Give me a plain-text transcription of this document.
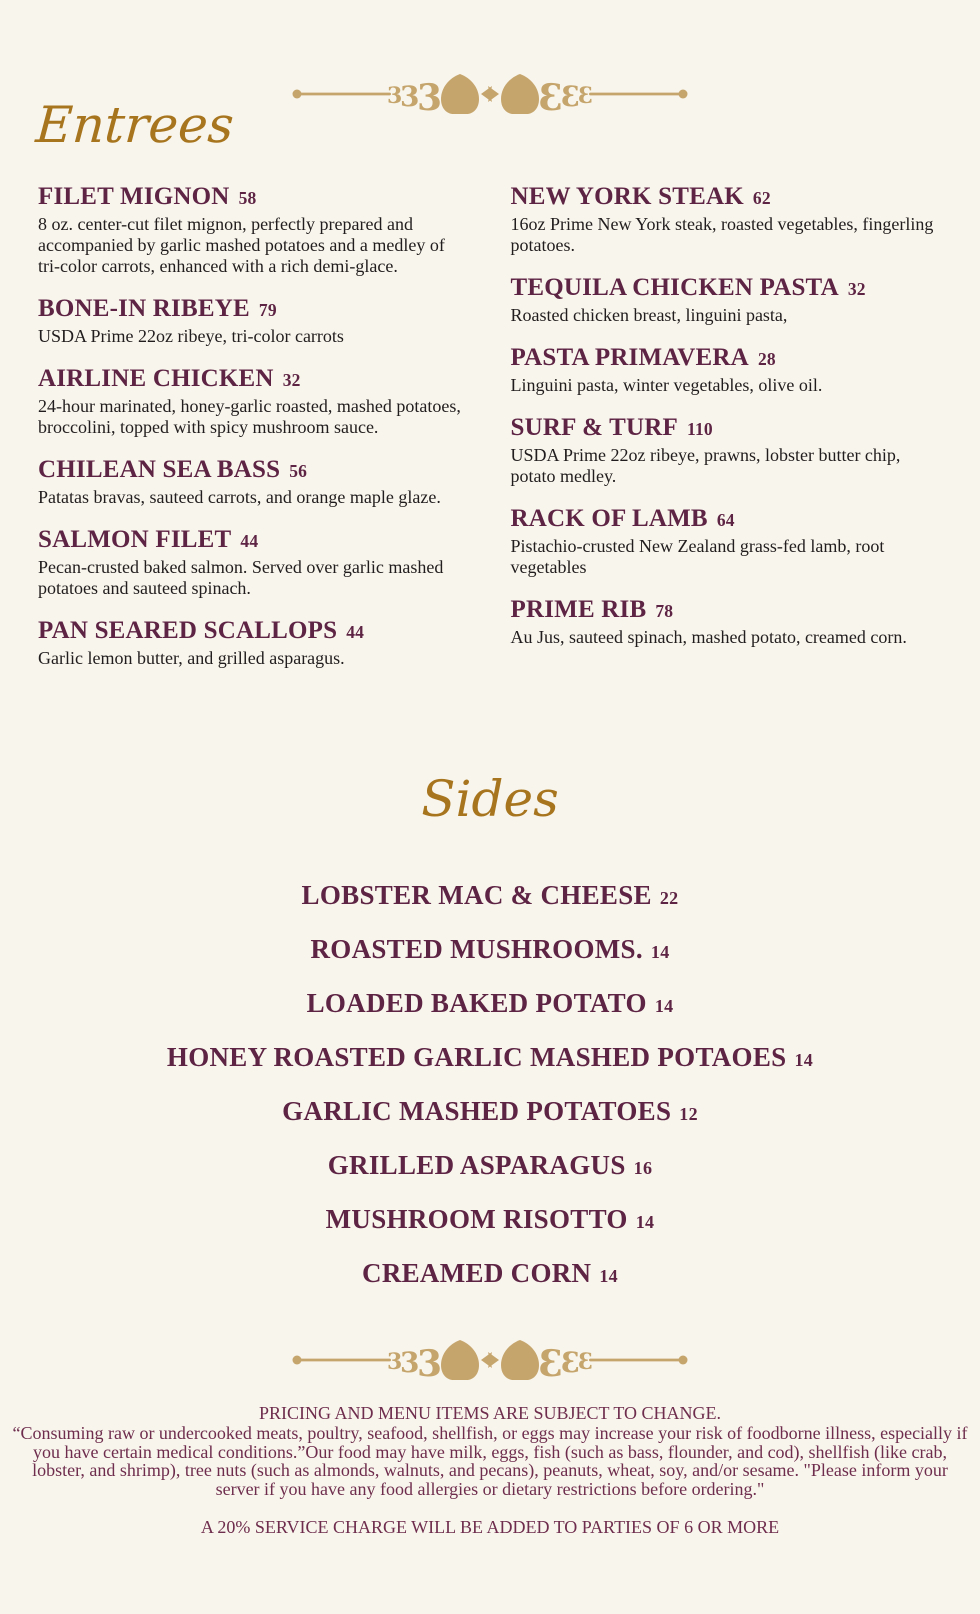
Entrees
FILET MIGNON 58

8 oz. center-cut filet mignon, perfectly prepared and accompanied by garlic mashed potatoes and a medley of tri-color carrots, enhanced with a rich demi-glace.

BONE-IN RIBEYE 79

USDA Prime 22oz ribeye, tri-color carrots

AIRLINE CHICKEN 32

24-hour marinated, honey-garlic roasted, mashed potatoes, broccolini, topped with spicy mushroom sauce.

CHILEAN SEA BASS 56

Patatas bravas, sauteed carrots, and orange maple glaze.

SALMON FILET 44

Pecan-crusted baked salmon. Served over garlic mashed potatoes and sauteed spinach.

PAN SEARED SCALLOPS 44

Garlic lemon butter, and grilled asparagus.

NEW YORK STEAK 62

16oz Prime New York steak, roasted vegetables, fingerling potatoes.

TEQUILA CHICKEN PASTA 32

Roasted chicken breast, linguini pasta,

PASTA PRIMAVERA 28

Linguini pasta, winter vegetables, olive oil.

SURF & TURF 110

USDA Prime 22oz ribeye, prawns, lobster butter chip, potato medley.

RACK OF LAMB 64

Pistachio-crusted New Zealand grass-fed lamb, root vegetables

PRIME RIB 78

Au Jus, sauteed spinach, mashed potato, creamed corn.

Sides
LOBSTER MAC & CHEESE 22
ROASTED MUSHROOMS. 14
LOADED BAKED POTATO 14
HONEY ROASTED GARLIC MASHED POTAOES 14
GARLIC MASHED POTATOES 12
GRILLED ASPARAGUS 16
MUSHROOM RISOTTO 14
CREAMED CORN 14

PRICING AND MENU ITEMS ARE SUBJECT TO CHANGE.

“Consuming raw or undercooked meats, poultry, seafood, shellfish, or eggs may increase your risk of foodborne illness, especially if you have certain medical conditions.”Our food may have milk, eggs, fish (such as bass, flounder, and cod), shellfish (like crab, lobster, and shrimp), tree nuts (such as almonds, walnuts, and pecans), peanuts, wheat, soy, and/or sesame. "Please inform your server if you have any food allergies or dietary restrictions before ordering."

A 20% SERVICE CHARGE WILL BE ADDED TO PARTIES OF 6 OR MORE
